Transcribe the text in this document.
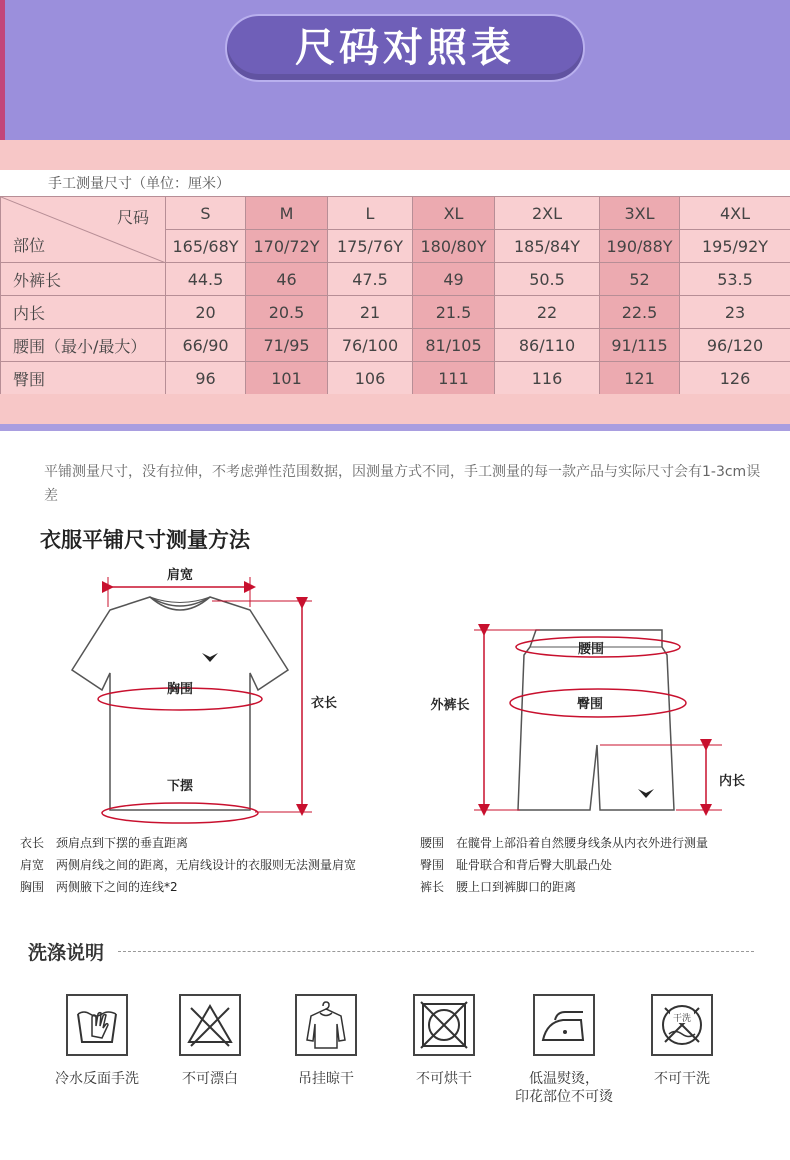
尺码对照表
手工测量尺寸（单位：厘米）
尺码
部位	S	M	L	XL	2XL	3XL	4XL
	165/68Y	170/72Y	175/76Y	180/80Y	185/84Y	190/88Y	195/92Y
外裤长	44.5	46	47.5	49	50.5	52	53.5
内长	20	20.5	21	21.5	22	22.5	23
腰围（最小/最大）	66/90	71/95	76/100	81/105	86/110	91/115	96/120
臀围	96	101	106	111	116	121	126
平铺测量尺寸，没有拉伸，不考虑弹性范围数据，因测量方式不同，手工测量的每一款产品与实际尺寸会有1-3cm误差
衣服平铺尺寸测量方法
肩宽
胸围
下摆
衣长
腰围
臀围
外裤长
内长
衣长 颈肩点到下摆的垂直距离
肩宽 两侧肩线之间的距离，无肩线设计的衣服则无法测量肩宽
胸围 两侧腋下之间的连线*2
腰围 在髋骨上部沿着自然腰身线条从内衣外进行测量
臀围 耻骨联合和背后臀大肌最凸处
裤长 腰上口到裤脚口的距离
洗涤说明
冷水反面手洗	不可漂白	吊挂晾干	不可烘干	低温熨烫，
印花部位不可烫
干洗
不可干洗
